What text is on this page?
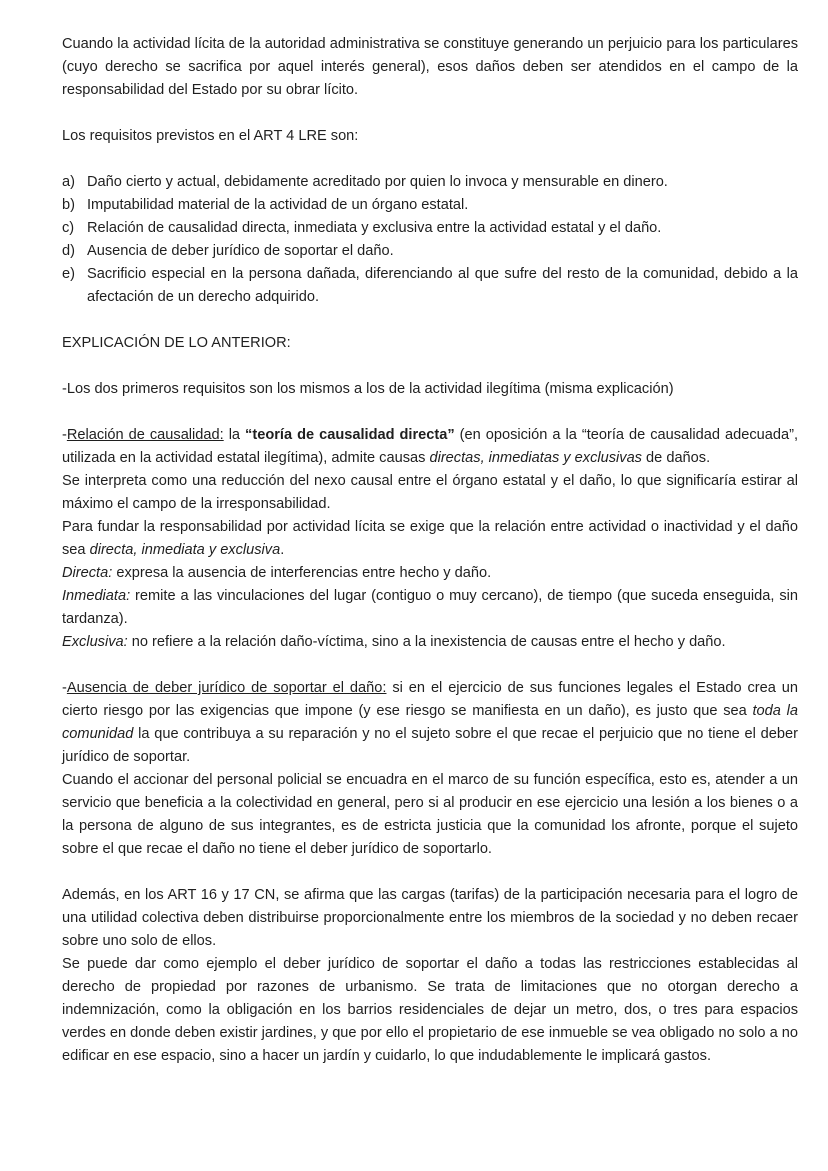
Cuando la actividad lícita de la autoridad administrativa se constituye generando un perjuicio para los particulares (cuyo derecho se sacrifica por aquel interés general), esos daños deben ser atendidos en el campo de la responsabilidad del Estado por su obrar lícito.

Los requisitos previstos en el ART 4 LRE son:

a) Daño cierto y actual, debidamente acreditado por quien lo invoca y mensurable en dinero.
b) Imputabilidad material de la actividad de un órgano estatal.
c) Relación de causalidad directa, inmediata y exclusiva entre la actividad estatal y el daño.
d) Ausencia de deber jurídico de soportar el daño.
e) Sacrificio especial en la persona dañada, diferenciando al que sufre del resto de la comunidad, debido a la afectación de un derecho adquirido.

EXPLICACIÓN DE LO ANTERIOR:

-Los dos primeros requisitos son los mismos a los de la actividad ilegítima (misma explicación)

-Relación de causalidad: la “teoría de causalidad directa” (en oposición a la “teoría de causalidad adecuada”, utilizada en la actividad estatal ilegítima), admite causas directas, inmediatas y exclusivas de daños.

Se interpreta como una reducción del nexo causal entre el órgano estatal y el daño, lo que significaría estirar al máximo el campo de la irresponsabilidad.

Para fundar la responsabilidad por actividad lícita se exige que la relación entre actividad o inactividad y el daño sea directa, inmediata y exclusiva.

Directa: expresa la ausencia de interferencias entre hecho y daño.

Inmediata: remite a las vinculaciones del lugar (contiguo o muy cercano), de tiempo (que suceda enseguida, sin tardanza).

Exclusiva: no refiere a la relación daño-víctima, sino a la inexistencia de causas entre el hecho y daño.

-Ausencia de deber jurídico de soportar el daño: si en el ejercicio de sus funciones legales el Estado crea un cierto riesgo por las exigencias que impone (y ese riesgo se manifiesta en un daño), es justo que sea toda la comunidad la que contribuya a su reparación y no el sujeto sobre el que recae el perjuicio que no tiene el deber jurídico de soportar.

Cuando el accionar del personal policial se encuadra en el marco de su función específica, esto es, atender a un servicio que beneficia a la colectividad en general, pero si al producir en ese ejercicio una lesión a los bienes o a la persona de alguno de sus integrantes, es de estricta justicia que la comunidad los afronte, porque el sujeto sobre el que recae el daño no tiene el deber jurídico de soportarlo.

Además, en los ART 16 y 17 CN, se afirma que las cargas (tarifas) de la participación necesaria para el logro de una utilidad colectiva deben distribuirse proporcionalmente entre los miembros de la sociedad y no deben recaer sobre uno solo de ellos.

Se puede dar como ejemplo el deber jurídico de soportar el daño a todas las restricciones establecidas al derecho de propiedad por razones de urbanismo. Se trata de limitaciones que no otorgan derecho a indemnización, como la obligación en los barrios residenciales de dejar un metro, dos, o tres para espacios verdes en donde deben existir jardines, y que por ello el propietario de ese inmueble se vea obligado no solo a no edificar en ese espacio, sino a hacer un jardín y cuidarlo, lo que indudablemente le implicará gastos.
